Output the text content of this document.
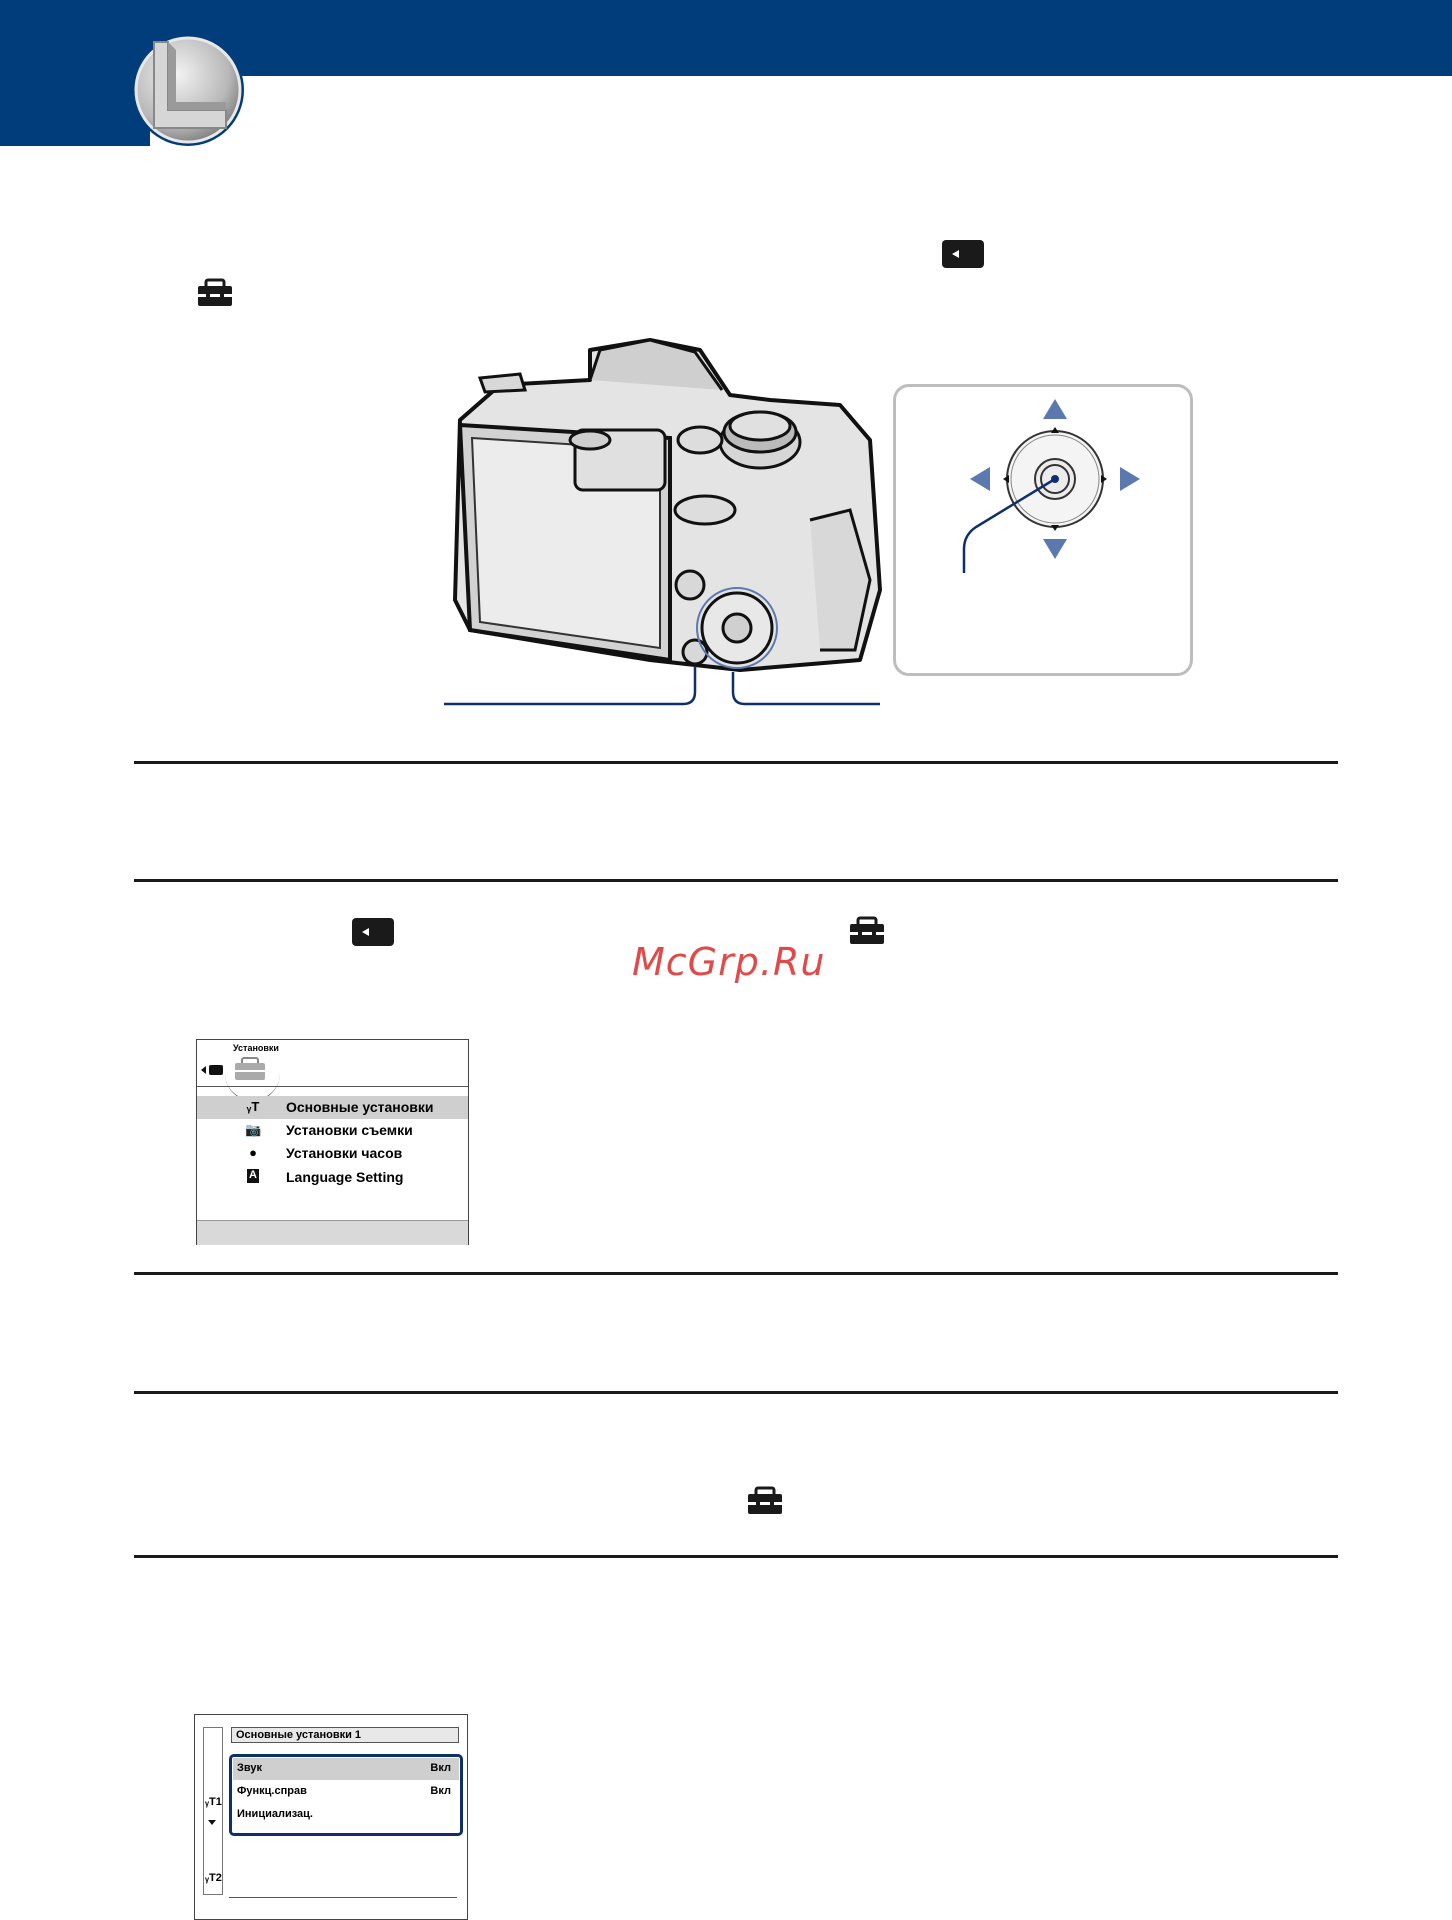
McGrp.Ru
Установки
ᵧT Основные установки
📷 Установки съемки
● Установки часов
A Language Setting
ᵧT1
ᵧT2
Основные установки 1
Звук	Вкл
Функц.справ	Вкл
Инициализац.
